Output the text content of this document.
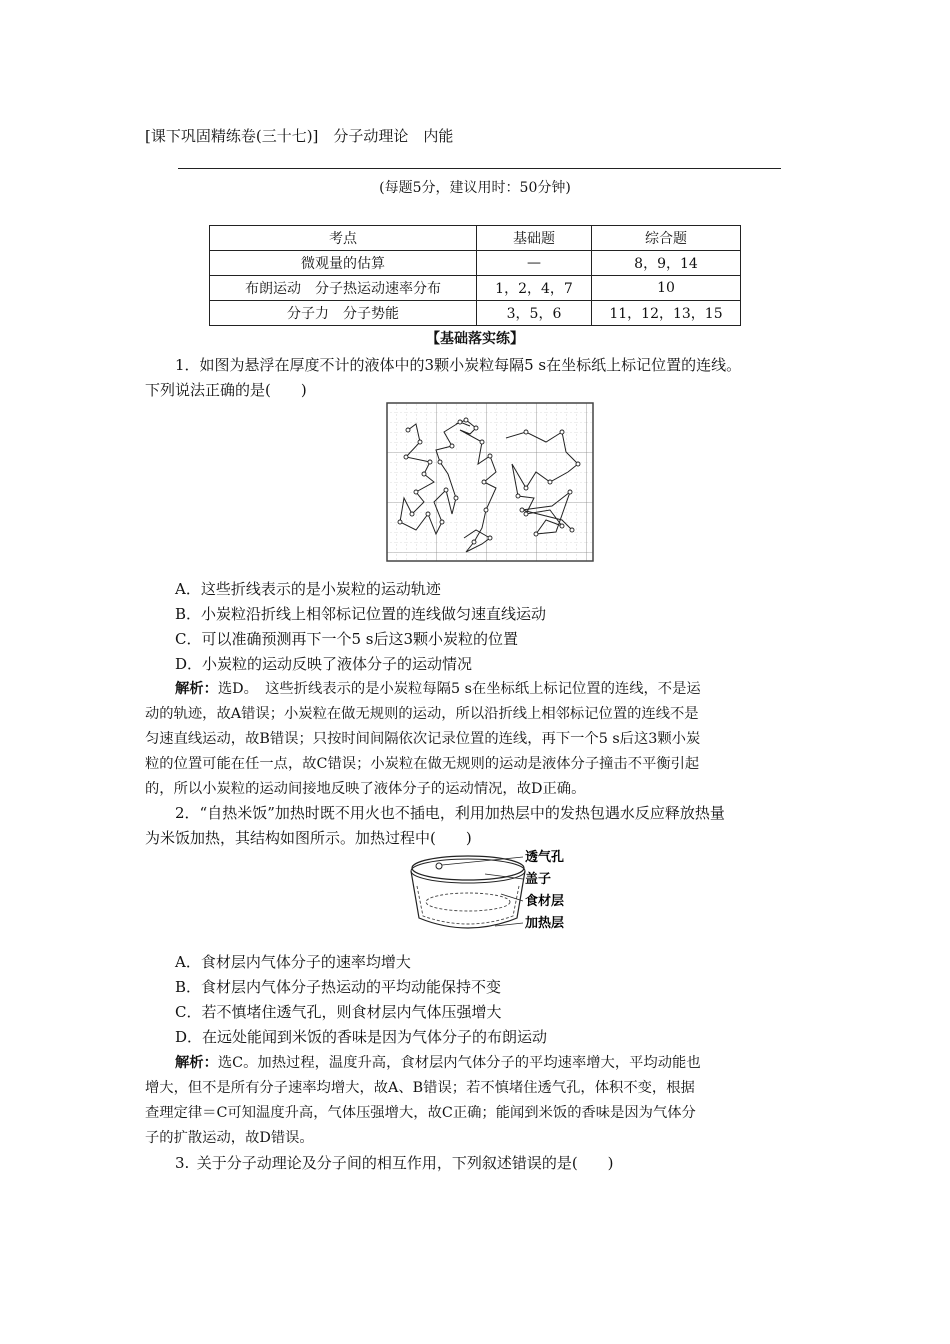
[课下巩固精练卷(三十七)]　分子动理论　内能
(每题5分，建议用时：50分钟)
考点	基础题	综合题
微观量的估算	—	8，9，14
布朗运动　分子热运动速率分布	1，2，4，7	10
分子力　分子势能	3，5，6	11，12，13，15
【基础落实练】
1．如图为悬浮在厚度不计的液体中的3颗小炭粒每隔5 s在坐标纸上标记位置的连线。
下列说法正确的是(　　)
A．这些折线表示的是小炭粒的运动轨迹
B．小炭粒沿折线上相邻标记位置的连线做匀速直线运动
C．可以准确预测再下一个5 s后这3颗小炭粒的位置
D．小炭粒的运动反映了液体分子的运动情况
解析：选D。　这些折线表示的是小炭粒每隔5 s在坐标纸上标记位置的连线，不是运
动的轨迹，故A错误；小炭粒在做无规则的运动，所以沿折线上相邻标记位置的连线不是
匀速直线运动，故B错误；只按时间间隔依次记录位置的连线，再下一个5 s后这3颗小炭
粒的位置可能在任一点，故C错误；小炭粒在做无规则的运动是液体分子撞击不平衡引起
的，所以小炭粒的运动间接地反映了液体分子的运动情况，故D正确。
2．“自热米饭”加热时既不用火也不插电，利用加热层中的发热包遇水反应释放热量
为米饭加热，其结构如图所示。加热过程中(　　)
透气孔
盖子
食材层
加热层
A．食材层内气体分子的速率均增大
B．食材层内气体分子热运动的平均动能保持不变
C．若不慎堵住透气孔，则食材层内气体压强增大
D．在远处能闻到米饭的香味是因为气体分子的布朗运动
解析：选C。加热过程，温度升高，食材层内气体分子的平均速率增大，平均动能也
增大，但不是所有分子速率均增大，故A、B错误；若不慎堵住透气孔，体积不变，根据
查理定律＝C可知温度升高，气体压强增大，故C正确；能闻到米饭的香味是因为气体分
子的扩散运动，故D错误。
3. 关于分子动理论及分子间的相互作用，下列叙述错误的是(　　)
